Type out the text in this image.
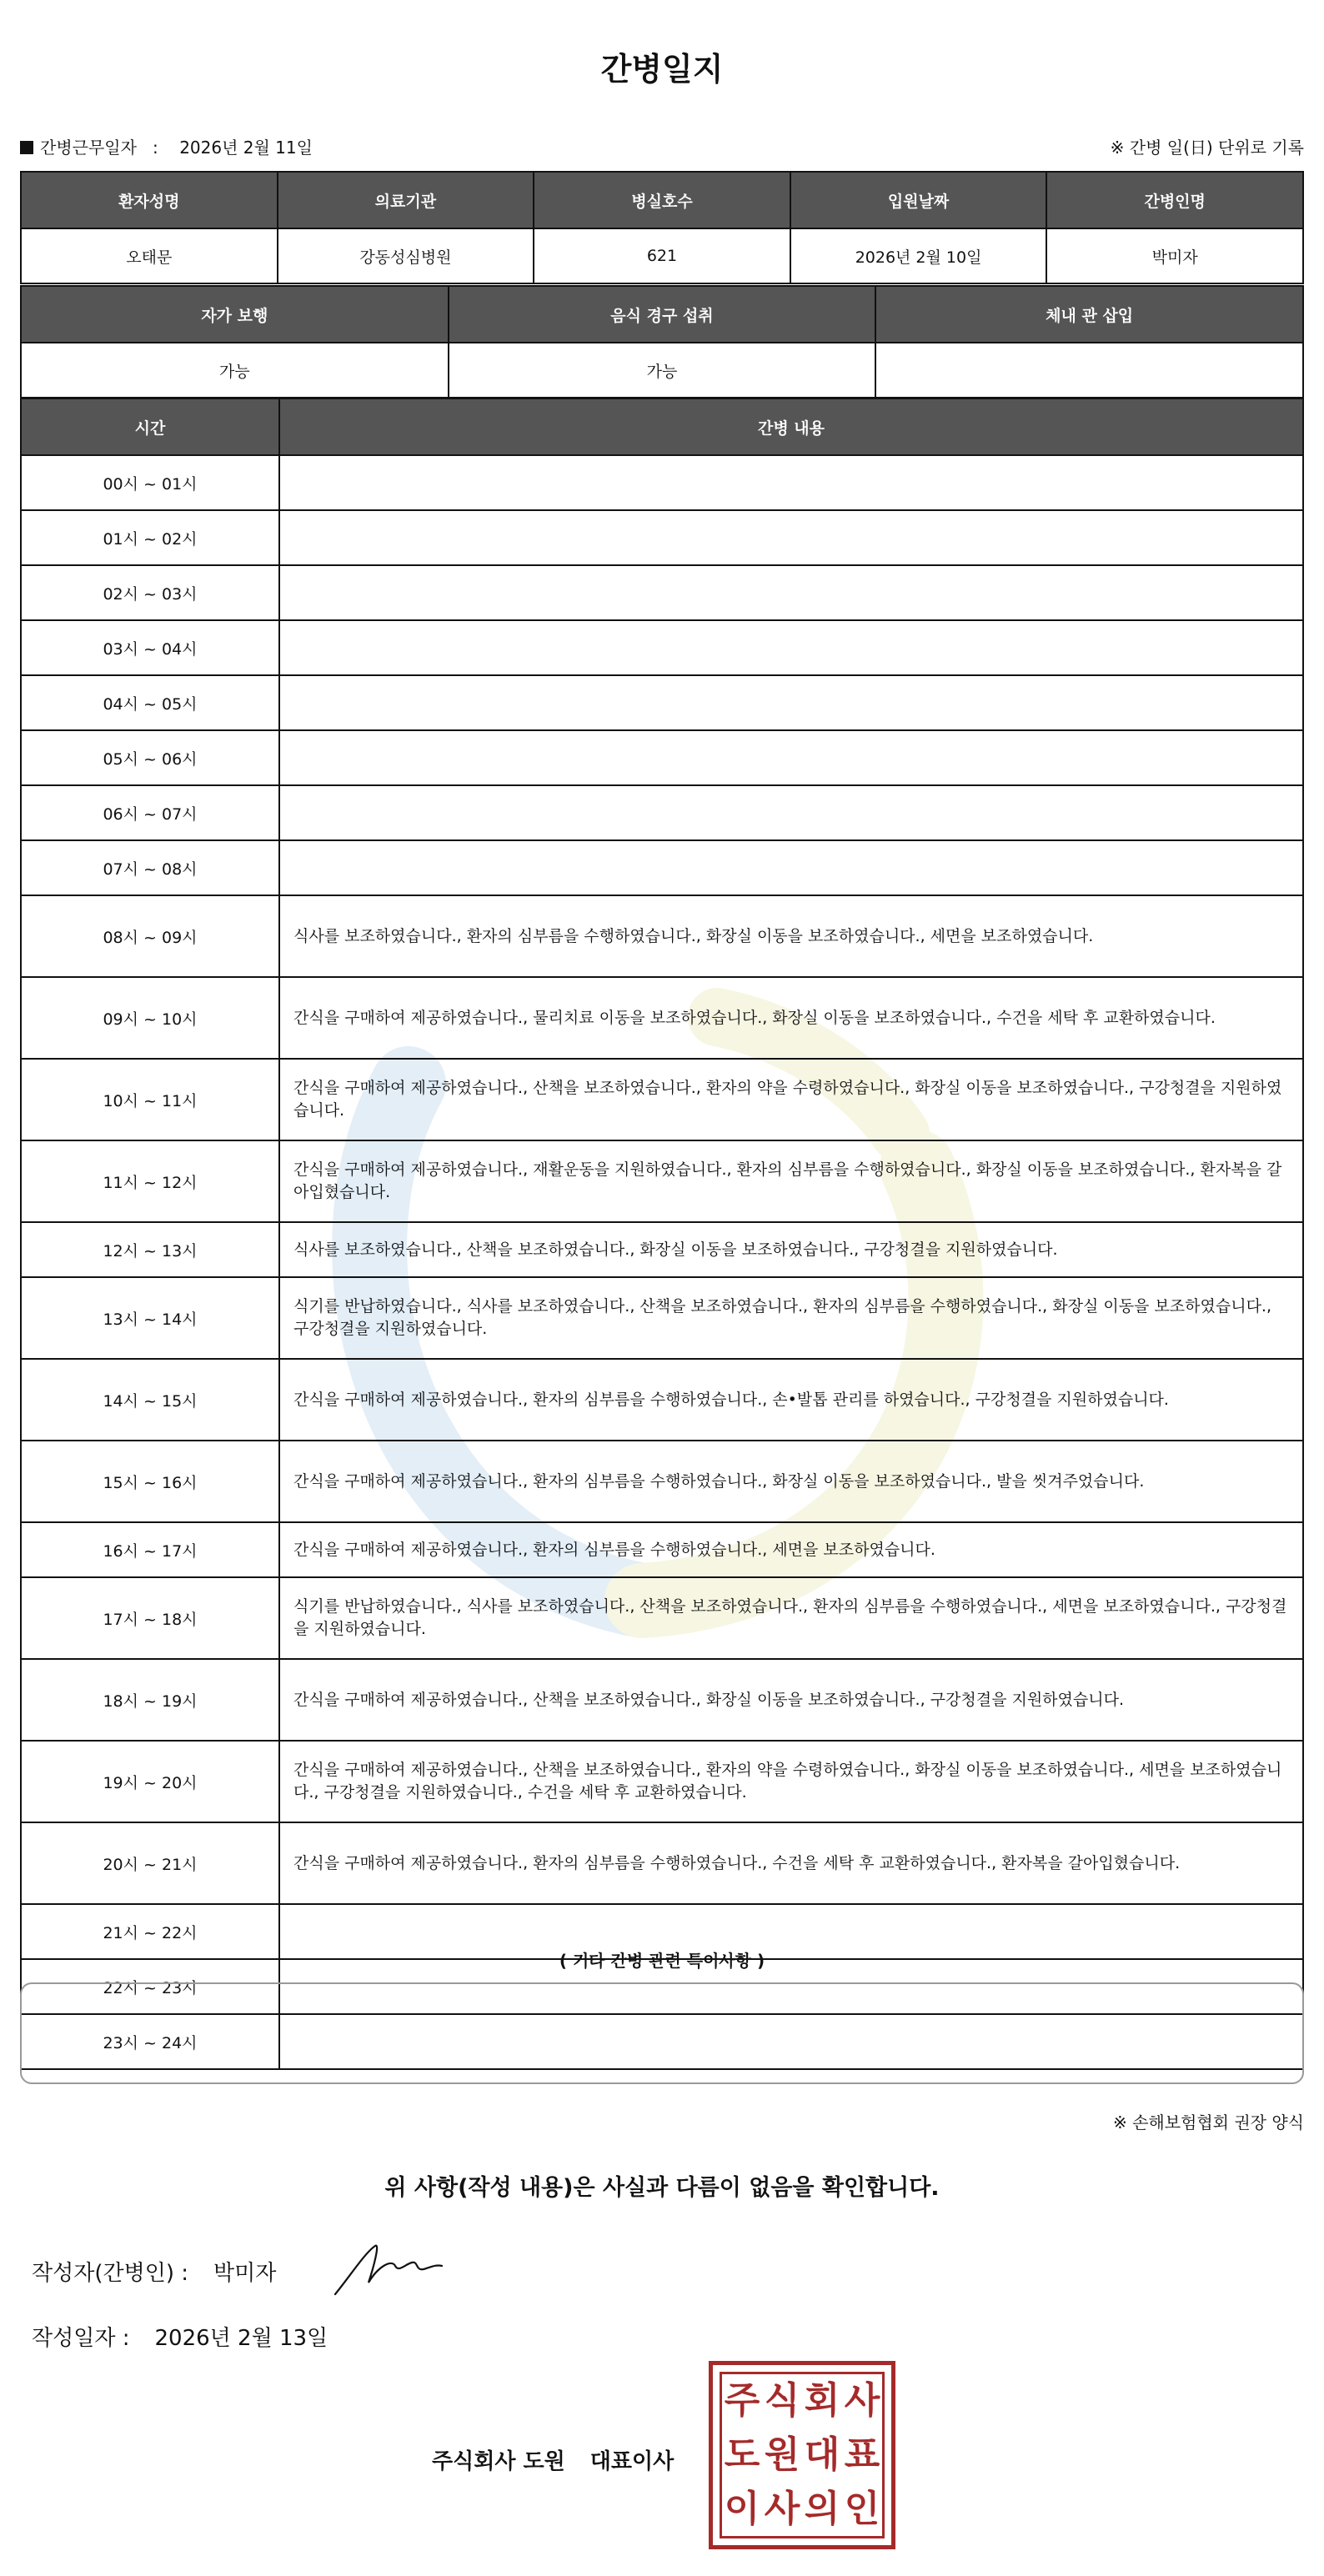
간병일지
간병근무일자 : 2026년 2월 11일	※ 간병 일(日) 단위로 기록
환자성명	의료기관	병실호수	입원날짜	간병인명
오태문	강동성심병원	621	2026년 2월 10일	박미자
자가 보행	음식 경구 섭취	체내 관 삽입
가능	가능	
시간	간병 내용
00시 ~ 01시	
01시 ~ 02시	
02시 ~ 03시	
03시 ~ 04시	
04시 ~ 05시	
05시 ~ 06시	
06시 ~ 07시	
07시 ~ 08시	
08시 ~ 09시	식사를 보조하였습니다., 환자의 심부름을 수행하였습니다., 화장실 이동을 보조하였습니다., 세면을 보조하였습니다.
09시 ~ 10시	간식을 구매하여 제공하였습니다., 물리치료 이동을 보조하였습니다., 화장실 이동을 보조하였습니다., 수건을 세탁 후 교환하였습니다.
10시 ~ 11시	간식을 구매하여 제공하였습니다., 산책을 보조하였습니다., 환자의 약을 수령하였습니다., 화장실 이동을 보조하였습니다., 구강청결을 지원하였습니다.
11시 ~ 12시	간식을 구매하여 제공하였습니다., 재활운동을 지원하였습니다., 환자의 심부름을 수행하였습니다., 화장실 이동을 보조하였습니다., 환자복을 갈아입혔습니다.
12시 ~ 13시	식사를 보조하였습니다., 산책을 보조하였습니다., 화장실 이동을 보조하였습니다., 구강청결을 지원하였습니다.
13시 ~ 14시	식기를 반납하였습니다., 식사를 보조하였습니다., 산책을 보조하였습니다., 환자의 심부름을 수행하였습니다., 화장실 이동을 보조하였습니다., 구강청결을 지원하였습니다.
14시 ~ 15시	간식을 구매하여 제공하였습니다., 환자의 심부름을 수행하였습니다., 손•발톱 관리를 하였습니다., 구강청결을 지원하였습니다.
15시 ~ 16시	간식을 구매하여 제공하였습니다., 환자의 심부름을 수행하였습니다., 화장실 이동을 보조하였습니다., 발을 씻겨주었습니다.
16시 ~ 17시	간식을 구매하여 제공하였습니다., 환자의 심부름을 수행하였습니다., 세면을 보조하였습니다.
17시 ~ 18시	식기를 반납하였습니다., 식사를 보조하였습니다., 산책을 보조하였습니다., 환자의 심부름을 수행하였습니다., 세면을 보조하였습니다., 구강청결을 지원하였습니다.
18시 ~ 19시	간식을 구매하여 제공하였습니다., 산책을 보조하였습니다., 화장실 이동을 보조하였습니다., 구강청결을 지원하였습니다.
19시 ~ 20시	간식을 구매하여 제공하였습니다., 산책을 보조하였습니다., 환자의 약을 수령하였습니다., 화장실 이동을 보조하였습니다., 세면을 보조하였습니다., 구강청결을 지원하였습니다., 수건을 세탁 후 교환하였습니다.
20시 ~ 21시	간식을 구매하여 제공하였습니다., 환자의 심부름을 수행하였습니다., 수건을 세탁 후 교환하였습니다., 환자복을 갈아입혔습니다.
21시 ~ 22시	
22시 ~ 23시	
23시 ~ 24시	
( 기타 간병 관련 특이사항 )
※ 손해보험협회 권장 양식
위 사항(작성 내용)은 사실과 다름이 없음을 확인합니다.
작성자(간병인) : 박미자
작성일자 : 2026년 2월 13일
주식회사 도원 대표이사
주 식 회 사
도 원 대 표
이 사 의 인
